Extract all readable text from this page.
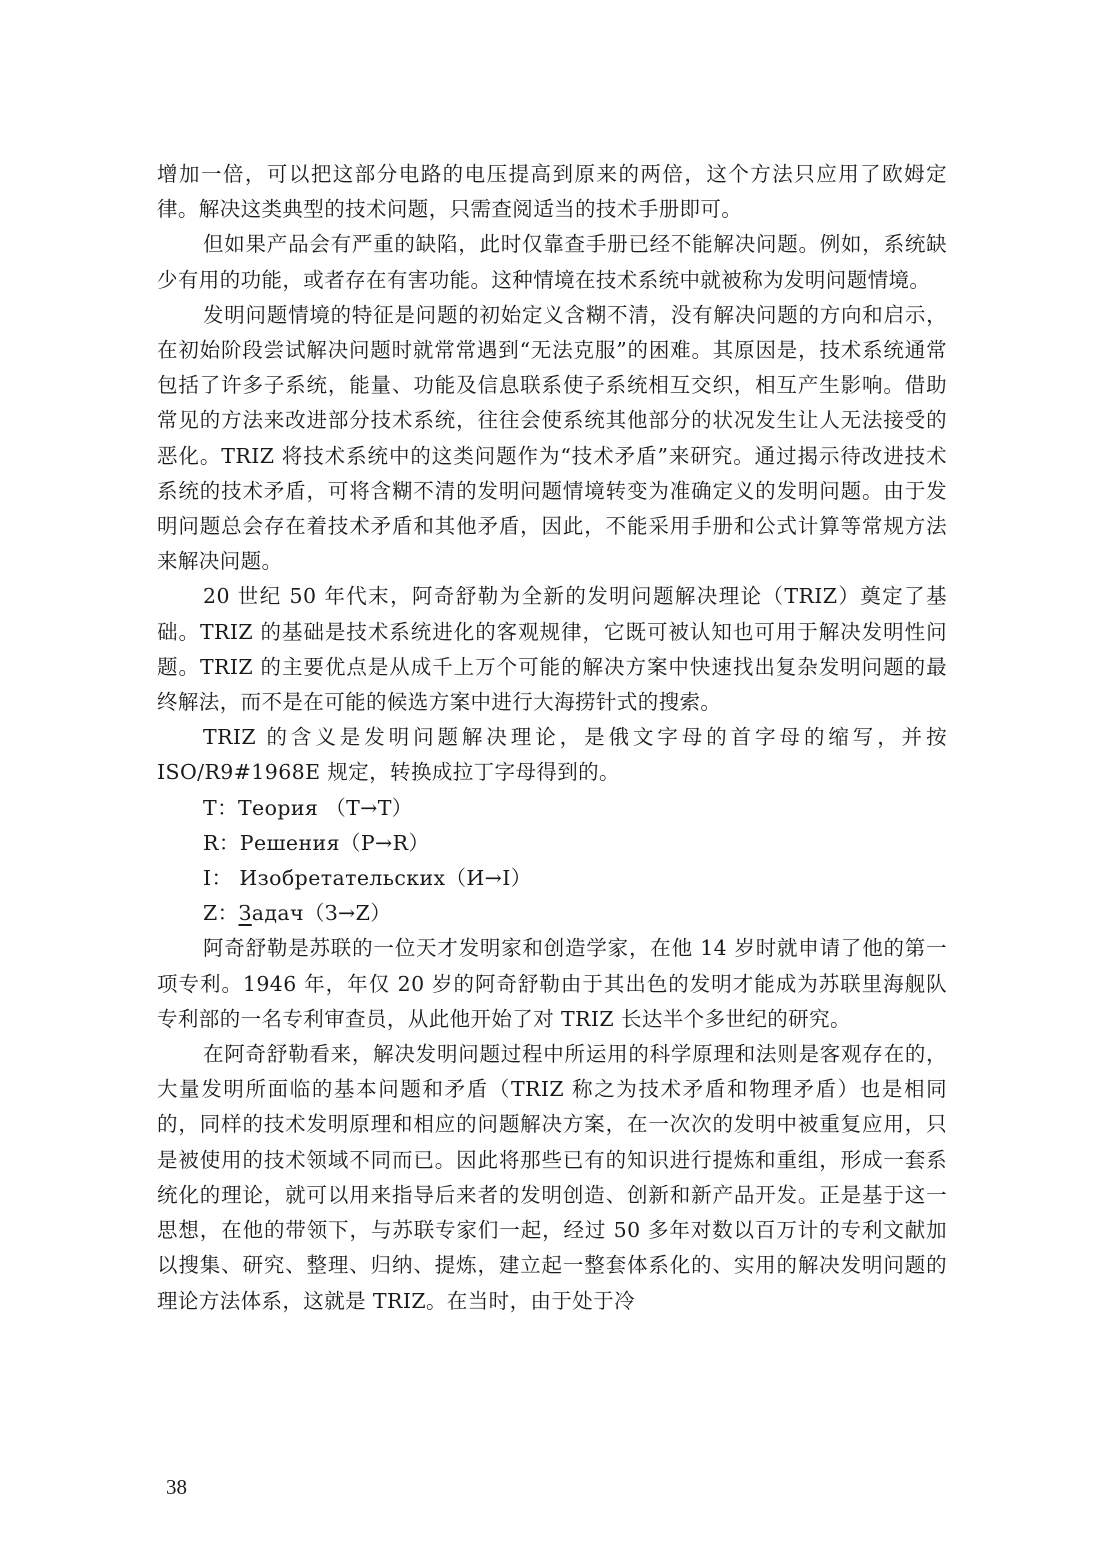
增加一倍，可以把这部分电路的电压提高到原来的两倍，这个方法只应用了欧姆定律。解决这类典型的技术问题，只需查阅适当的技术手册即可。

但如果产品会有严重的缺陷，此时仅靠查手册已经不能解决问题。例如，系统缺少有用的功能，或者存在有害功能。这种情境在技术系统中就被称为发明问题情境。

发明问题情境的特征是问题的初始定义含糊不清，没有解决问题的方向和启示，在初始阶段尝试解决问题时就常常遇到“无法克服”的困难。其原因是，技术系统通常包括了许多子系统，能量、功能及信息联系使子系统相互交织，相互产生影响。借助常见的方法来改进部分技术系统，往往会使系统其他部分的状况发生让人无法接受的恶化。TRIZ 将技术系统中的这类问题作为“技术矛盾”来研究。通过揭示待改进技术系统的技术矛盾，可将含糊不清的发明问题情境转变为准确定义的发明问题。由于发明问题总会存在着技术矛盾和其他矛盾，因此，不能采用手册和公式计算等常规方法来解决问题。

20 世纪 50 年代末，阿奇舒勒为全新的发明问题解决理论（TRIZ）奠定了基础。TRIZ 的基础是技术系统进化的客观规律，它既可被认知也可用于解决发明性问题。TRIZ 的主要优点是从成千上万个可能的解决方案中快速找出复杂发明问题的最终解法，而不是在可能的候选方案中进行大海捞针式的搜索。

TRIZ 的含义是发明问题解决理论，是俄文字母的首字母的缩写，并按 ISO/R9#1968E 规定，转换成拉丁字母得到的。

T：Теория （T→T）

R：Решения（P→R）

I： Изобретательских（И→I）

Z：Задач（З→Z）

阿奇舒勒是苏联的一位天才发明家和创造学家，在他 14 岁时就申请了他的第一项专利。1946 年，年仅 20 岁的阿奇舒勒由于其出色的发明才能成为苏联里海舰队专利部的一名专利审查员，从此他开始了对 TRIZ 长达半个多世纪的研究。

在阿奇舒勒看来，解决发明问题过程中所运用的科学原理和法则是客观存在的，大量发明所面临的基本问题和矛盾（TRIZ 称之为技术矛盾和物理矛盾）也是相同的，同样的技术发明原理和相应的问题解决方案，在一次次的发明中被重复应用，只是被使用的技术领域不同而已。因此将那些已有的知识进行提炼和重组，形成一套系统化的理论，就可以用来指导后来者的发明创造、创新和新产品开发。正是基于这一思想，在他的带领下，与苏联专家们一起，经过 50 多年对数以百万计的专利文献加以搜集、研究、整理、归纳、提炼，建立起一整套体系化的、实用的解决发明问题的理论方法体系，这就是 TRIZ。在当时，由于处于冷

38
